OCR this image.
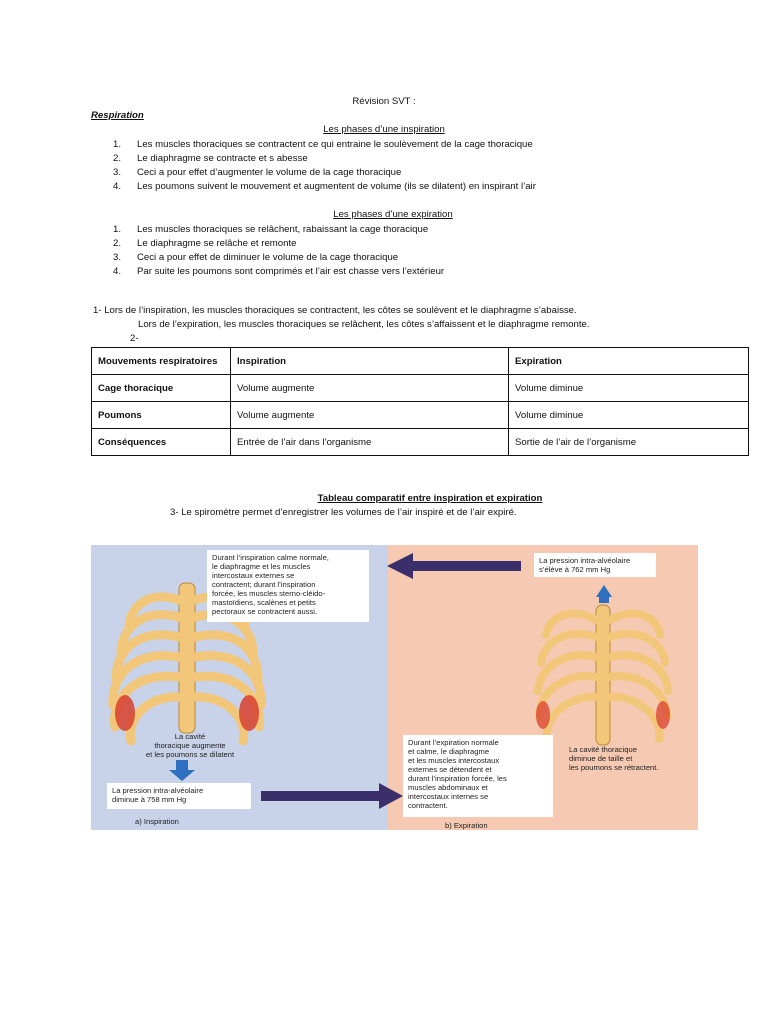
Révision SVT :
Respiration
Les phases d’une inspiration
1. Les muscles thoraciques se contractent ce qui entraine le soulèvement de la cage thoracique
2. Le diaphragme se contracte et s abesse
3. Ceci a pour effet d’augmenter le volume de la cage thoracique
4. Les poumons suivent le mouvement et augmentent de volume (ils se dilatent) en inspirant l’air
Les phases d’une expiration
1. Les muscles thoraciques se relâchent, rabaissant la cage thoracique
2. Le diaphragme se relâche et remonte
3. Ceci a pour effet de diminuer le volume de la cage thoracique
4. Par suite les poumons sont comprimés et l’air est chasse vers l’extérieur
1- Lors de l’inspiration, les muscles thoraciques se contractent, les côtes se soulèvent et le diaphragme s’abaisse.
Lors de l’expiration, les muscles thoraciques se relâchent, les côtes s’affaissent et le diaphragme remonte.
2-
Mouvements respiratoires	Inspiration	Expiration
Cage thoracique	Volume augmente	Volume diminue
Poumons	Volume augmente	Volume diminue
Conséquences	Entrée de l’air dans l’organisme	Sortie de l’air de l’organisme
Tableau comparatif entre inspiration et expiration
3- Le spiromètre permet d’enregistrer les volumes de l’air inspiré et de l’air expiré.
Durant l’inspiration calme normale,
le diaphragme et les muscles
intercostaux externes se
contractent; durant l’inspiration
forcée, les muscles sterno-cléido-
mastoïdiens, scalènes et petits
pectoraux se contractent aussi.
La pression intra-alvéolaire
s’élève à 762 mm Hg
La cavité
thoracique augmente
et les poumons se dilatent
La pression intra-alvéolaire
diminue à 758 mm Hg
Durant l’expiration normale
et calme, le diaphragme
et les muscles intercostaux
externes se détendent et
durant l’inspiration forcée, les
muscles abdominaux et
intercostaux internes se
contractent.
La cavité thoracique
diminue de taille et
les poumons se rétractent.
a) Inspiration	b) Expiration
